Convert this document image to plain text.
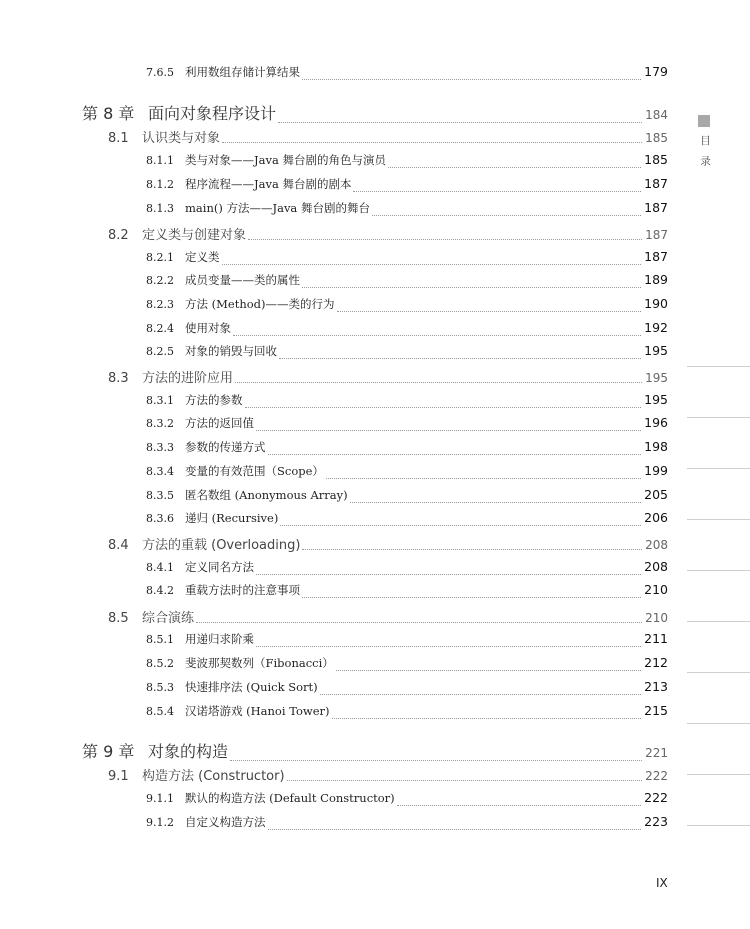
7.6.5 利用数组存储计算结果	179
第 8 章 面向对象程序设计	184
8.1	认识类与对象	185
8.1.1 类与对象——Java 舞台剧的角色与演员	185
8.1.2 程序流程——Java 舞台剧的剧本	187
8.1.3 main() 方法——Java 舞台剧的舞台	187
8.2	定义类与创建对象	187
8.2.1 定义类	187
8.2.2 成员变量——类的属性	189
8.2.3 方法 (Method)——类的行为	190
8.2.4 使用对象	192
8.2.5 对象的销毁与回收	195
8.3	方法的进阶应用	195
8.3.1 方法的参数	195
8.3.2 方法的返回值	196
8.3.3 参数的传递方式	198
8.3.4 变量的有效范围（Scope）	199
8.3.5 匿名数组 (Anonymous Array)	205
8.3.6 递归 (Recursive)	206
8.4	方法的重载 (Overloading)	208
8.4.1 定义同名方法	208
8.4.2 重载方法时的注意事项	210
8.5	综合演练	210
8.5.1 用递归求阶乘	211
8.5.2 斐波那契数列（Fibonacci）	212
8.5.3 快速排序法 (Quick Sort)	213
8.5.4 汉诺塔游戏 (Hanoi Tower)	215
第 9 章 对象的构造	221
9.1	构造方法 (Constructor)	222
9.1.1 默认的构造方法 (Default Constructor)	222
9.1.2 自定义构造方法	223
目录
IX
